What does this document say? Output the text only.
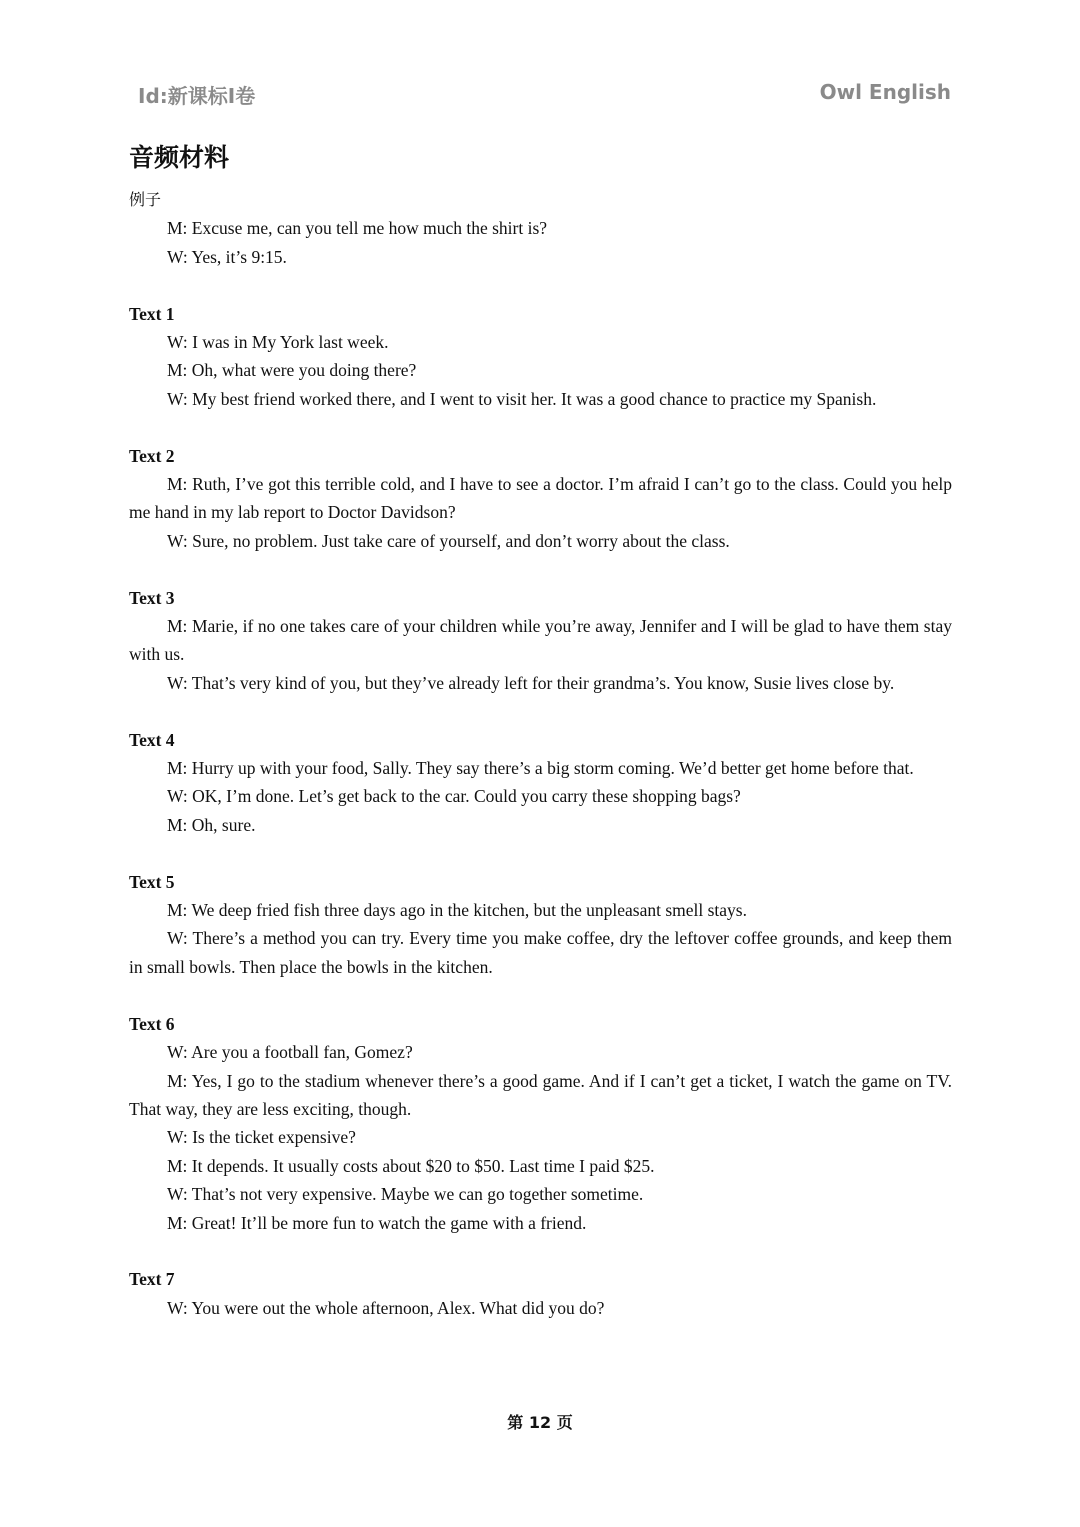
Id:新课标I卷	Owl English
音频材料

例子

M: Excuse me, can you tell me how much the shirt is?

W: Yes, it’s 9:15.

Text 1

W: I was in My York last week.

M: Oh, what were you doing there?

W: My best friend worked there, and I went to visit her. It was a good chance to practice my Spanish.

Text 2

M: Ruth, I’ve got this terrible cold, and I have to see a doctor. I’m afraid I can’t go to the class. Could you help me hand in my lab report to Doctor Davidson?

W: Sure, no problem. Just take care of yourself, and don’t worry about the class.

Text 3

M: Marie, if no one takes care of your children while you’re away, Jennifer and I will be glad to have them stay with us.

W: That’s very kind of you, but they’ve already left for their grandma’s. You know, Susie lives close by.

Text 4

M: Hurry up with your food, Sally. They say there’s a big storm coming. We’d better get home before that.

W: OK, I’m done. Let’s get back to the car. Could you carry these shopping bags?

M: Oh, sure.

Text 5

M: We deep fried fish three days ago in the kitchen, but the unpleasant smell stays.

W: There’s a method you can try. Every time you make coffee, dry the leftover coffee grounds, and keep them in small bowls. Then place the bowls in the kitchen.

Text 6

W: Are you a football fan, Gomez?

M: Yes, I go to the stadium whenever there’s a good game. And if I can’t get a ticket, I watch the game on TV. That way, they are less exciting, though.

W: Is the ticket expensive?

M: It depends. It usually costs about $20 to $50. Last time I paid $25.

W: That’s not very expensive. Maybe we can go together sometime.

M: Great! It’ll be more fun to watch the game with a friend.

Text 7

W: You were out the whole afternoon, Alex. What did you do?

第 12 页
